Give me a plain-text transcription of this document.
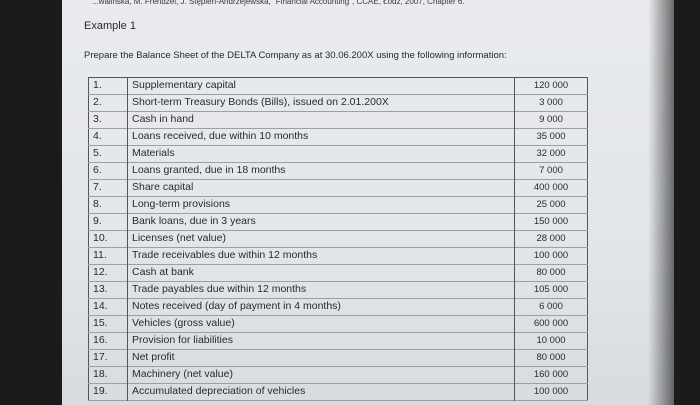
...walińska, M. Frendzel, J. Stępień-Andrzejewska, "Financial Accounting", CCAE, Łódź, 2007, Chapter 6.
Example 1
Prepare the Balance Sheet of the DELTA Company as at 30.06.200X using the following information:
1.	Supplementary capital	120 000
2.	Short-term Treasury Bonds (Bills), issued on 2.01.200X	3 000
3.	Cash in hand	9 000
4.	Loans received, due within 10 months	35 000
5.	Materials	32 000
6.	Loans granted, due in 18 months	7 000
7.	Share capital	400 000
8.	Long-term provisions	25 000
9.	Bank loans, due in 3 years	150 000
10.	Licenses (net value)	28 000
11.	Trade receivables due within 12 months	100 000
12.	Cash at bank	80 000
13.	Trade payables due within 12 months	105 000
14.	Notes received (day of payment in 4 months)	6 000
15.	Vehicles (gross value)	600 000
16.	Provision for liabilities	10 000
17.	Net profit	80 000
18.	Machinery (net value)	160 000
19.	Accumulated depreciation of vehicles	100 000
